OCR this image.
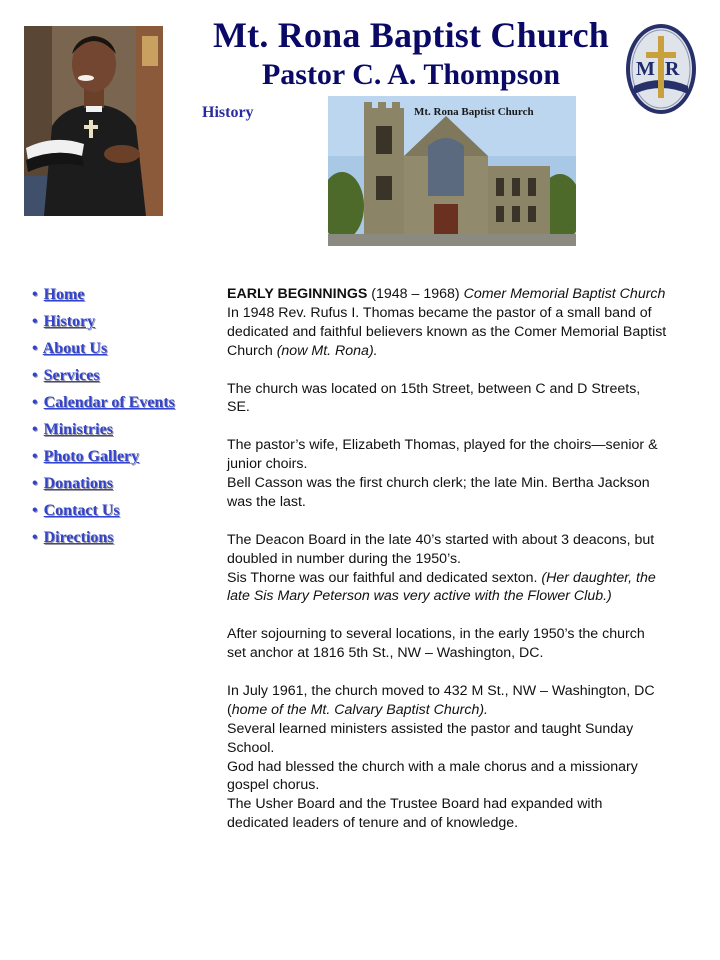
Mt. Rona Baptist Church
Pastor C. A. Thompson
History	Mt. Rona Baptist Church
MR
• Home
• History
• About Us
• Services
• Calendar of Events
• Ministries
• Photo Gallery
• Donations
• Contact Us
• Directions

EARLY BEGINNINGS (1948 – 1968) Comer Memorial Baptist Church

In 1948 Rev. Rufus I. Thomas became the pastor of a small band of dedicated and faithful believers known as the Comer Memorial Baptist Church (now Mt. Rona).

The church was located on 15th Street, between C and D Streets, SE.

The pastor’s wife, Elizabeth Thomas, played for the choirs—senior & junior choirs.

Bell Casson was the first church clerk; the late Min. Bertha Jackson was the last.

The Deacon Board in the late 40’s started with about 3 deacons, but doubled in number during the 1950’s.

Sis Thorne was our faithful and dedicated sexton. (Her daughter, the late Sis Mary Peterson was very active with the Flower Club.)

After sojourning to several locations, in the early 1950’s the church set anchor at 1816 5th St., NW – Washington, DC.

In July 1961, the church moved to 432 M St., NW – Washington, DC (home of the Mt. Calvary Baptist Church).

Several learned ministers assisted the pastor and taught Sunday School.

God had blessed the church with a male chorus and a missionary gospel chorus.

The Usher Board and the Trustee Board had expanded with dedicated leaders of tenure and of knowledge.
